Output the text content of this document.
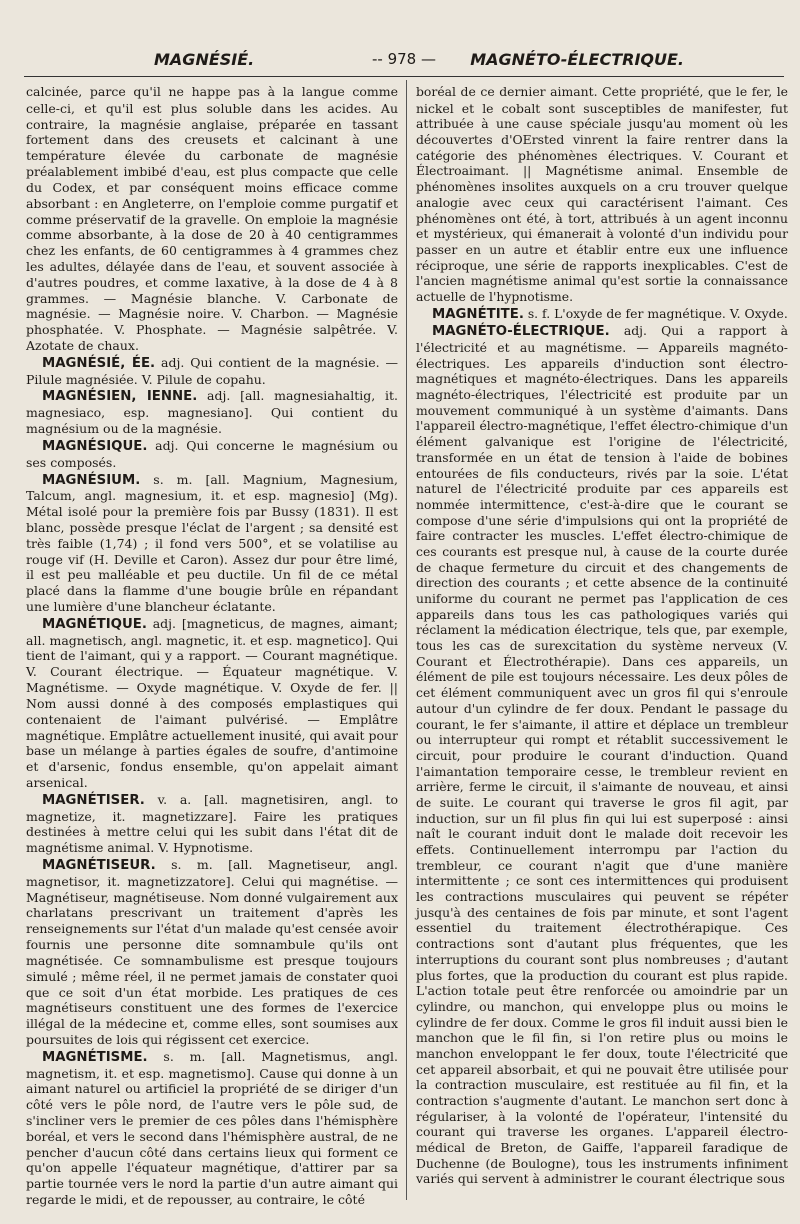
MAGNÉSIÉ.	-- 978 —	MAGNÉTO-ÉLECTRIQUE.

calcinée, parce qu'il ne happe pas à la langue comme celle-ci, et qu'il est plus soluble dans les acides. Au contraire, la magnésie anglaise, préparée en tassant fortement dans des creusets et calcinant à une température élevée du carbonate de magnésie préalablement imbibé d'eau, est plus compacte que celle du Codex, et par conséquent moins efficace comme absorbant : en Angleterre, on l'emploie comme purgatif et comme préservatif de la gravelle. On emploie la magnésie comme absorbante, à la dose de 20 à 40 centigrammes chez les enfants, de 60 centigrammes à 4 grammes chez les adultes, délayée dans de l'eau, et souvent associée à d'autres poudres, et comme laxative, à la dose de 4 à 8 grammes. — Magnésie blanche. V. Carbonate de magnésie. — Magnésie noire. V. Charbon. — Magnésie phosphatée. V. Phosphate. — Magnésie salpêtrée. V. Azotate de chaux.

MAGNÉSIÉ, ÉE. adj. Qui contient de la magnésie. — Pilule magnésiée. V. Pilule de copahu.

MAGNÉSIEN, IENNE. adj. [all. magnesiahaltig, it. magnesiaco, esp. magnesiano]. Qui contient du magnésium ou de la magnésie.

MAGNÉSIQUE. adj. Qui concerne le magnésium ou ses composés.

MAGNÉSIUM. s. m. [all. Magnium, Magnesium, Talcum, angl. magnesium, it. et esp. magnesio] (Mg). Métal isolé pour la première fois par Bussy (1831). Il est blanc, possède presque l'éclat de l'argent ; sa densité est très faible (1,74) ; il fond vers 500°, et se volatilise au rouge vif (H. Deville et Caron). Assez dur pour être limé, il est peu malléable et peu ductile. Un fil de ce métal placé dans la flamme d'une bougie brûle en répandant une lumière d'une blancheur éclatante.

MAGNÉTIQUE. adj. [magneticus, de magnes, aimant; all. magnetisch, angl. magnetic, it. et esp. magnetico]. Qui tient de l'aimant, qui y a rapport. — Courant magnétique. V. Courant électrique. — Équateur magnétique. V. Magnétisme. — Oxyde magnétique. V. Oxyde de fer. || Nom aussi donné à des composés emplastiques qui contenaient de l'aimant pulvérisé. — Emplâtre magnétique. Emplâtre actuellement inusité, qui avait pour base un mélange à parties égales de soufre, d'antimoine et d'arsenic, fondus ensemble, qu'on appelait aimant arsenical.

MAGNÉTISER. v. a. [all. magnetisiren, angl. to magnetize, it. magnetizzare]. Faire les pratiques destinées à mettre celui qui les subit dans l'état dit de magnétisme animal. V. Hypnotisme.

MAGNÉTISEUR. s. m. [all. Magnetiseur, angl. magnetisor, it. magnetizzatore]. Celui qui magnétise. — Magnétiseur, magnétiseuse. Nom donné vulgairement aux charlatans prescrivant un traitement d'après les renseignements sur l'état d'un malade qu'est censée avoir fournis une personne dite somnambule qu'ils ont magnétisée. Ce somnambulisme est presque toujours simulé ; même réel, il ne permet jamais de constater quoi que ce soit d'un état morbide. Les pratiques de ces magnétiseurs constituent une des formes de l'exercice illégal de la médecine et, comme elles, sont soumises aux poursuites de lois qui régissent cet exercice.

MAGNÉTISME. s. m. [all. Magnetismus, angl. magnetism, it. et esp. magnetismo]. Cause qui donne à un aimant naturel ou artificiel la propriété de se diriger d'un côté vers le pôle nord, de l'autre vers le pôle sud, de s'incliner vers le premier de ces pôles dans l'hémisphère boréal, et vers le second dans l'hémisphère austral, de ne pencher d'aucun côté dans certains lieux qui forment ce qu'on appelle l'équateur magnétique, d'attirer par sa partie tournée vers le nord la partie d'un autre aimant qui regarde le midi, et de repousser, au contraire, le côté

boréal de ce dernier aimant. Cette propriété, que le fer, le nickel et le cobalt sont susceptibles de manifester, fut attribuée à une cause spéciale jusqu'au moment où les découvertes d'OErsted vinrent la faire rentrer dans la catégorie des phénomènes électriques. V. Courant et Électroaimant. || Magnétisme animal. Ensemble de phénomènes insolites auxquels on a cru trouver quelque analogie avec ceux qui caractérisent l'aimant. Ces phénomènes ont été, à tort, attribués à un agent inconnu et mystérieux, qui émanerait à volonté d'un individu pour passer en un autre et établir entre eux une influence réciproque, une série de rapports inexplicables. C'est de l'ancien magnétisme animal qu'est sortie la connaissance actuelle de l'hypnotisme.

MAGNÉTITE. s. f. L'oxyde de fer magnétique. V. Oxyde.

MAGNÉTO-ÉLECTRIQUE. adj. Qui a rapport à l'électricité et au magnétisme. — Appareils magnéto-électriques. Les appareils d'induction sont électro-magnétiques et magnéto-électriques. Dans les appareils magnéto-électriques, l'électricité est produite par un mouvement communiqué à un système d'aimants. Dans l'appareil électro-magnétique, l'effet électro-chimique d'un élément galvanique est l'origine de l'électricité, transformée en un état de tension à l'aide de bobines entourées de fils conducteurs, rivés par la soie. L'état naturel de l'électricité produite par ces appareils est nommée intermittence, c'est-à-dire que le courant se compose d'une série d'impulsions qui ont la propriété de faire contracter les muscles. L'effet électro-chimique de ces courants est presque nul, à cause de la courte durée de chaque fermeture du circuit et des changements de direction des courants ; et cette absence de la continuité uniforme du courant ne permet pas l'application de ces appareils dans tous les cas pathologiques variés qui réclament la médication électrique, tels que, par exemple, tous les cas de surexcitation du système nerveux (V. Courant et Électrothérapie). Dans ces appareils, un élément de pile est toujours nécessaire. Les deux pôles de cet élément communiquent avec un gros fil qui s'enroule autour d'un cylindre de fer doux. Pendant le passage du courant, le fer s'aimante, il attire et déplace un trembleur ou interrupteur qui rompt et rétablit successivement le circuit, pour produire le courant d'induction. Quand l'aimantation temporaire cesse, le trembleur revient en arrière, ferme le circuit, il s'aimante de nouveau, et ainsi de suite. Le courant qui traverse le gros fil agit, par induction, sur un fil plus fin qui lui est superposé : ainsi naît le courant induit dont le malade doit recevoir les effets. Continuellement interrompu par l'action du trembleur, ce courant n'agit que d'une manière intermittente ; ce sont ces intermittences qui produisent les contractions musculaires qui peuvent se répéter jusqu'à des centaines de fois par minute, et sont l'agent essentiel du traitement électrothérapique. Ces contractions sont d'autant plus fréquentes, que les interruptions du courant sont plus nombreuses ; d'autant plus fortes, que la production du courant est plus rapide. L'action totale peut être renforcée ou amoindrie par un cylindre, ou manchon, qui enveloppe plus ou moins le cylindre de fer doux. Comme le gros fil induit aussi bien le manchon que le fil fin, si l'on retire plus ou moins le manchon enveloppant le fer doux, toute l'électricité que cet appareil absorbait, et qui ne pouvait être utilisée pour la contraction musculaire, est restituée au fil fin, et la contraction s'augmente d'autant. Le manchon sert donc à régulariser, à la volonté de l'opérateur, l'intensité du courant qui traverse les organes. L'appareil électro-médical de Breton, de Gaiffe, l'appareil faradique de Duchenne (de Boulogne), tous les instruments infiniment variés qui servent à administrer le courant électrique sous
